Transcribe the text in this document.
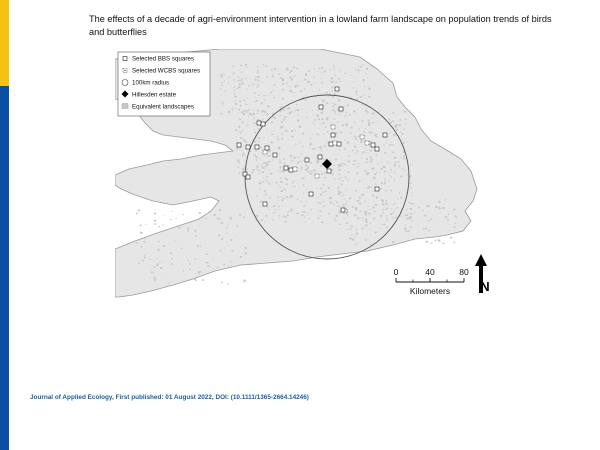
The effects of a decade of agri-environment intervention in a lowland farm landscape on population trends of birds and butterflies
Selected BBS squares
Selected WCBS squares
100km radius
Hillesden estate
Equivalent landscapes
0	40	80
Kilometers N
Journal of Applied Ecology, First published: 01 August 2022, DOI: (10.1111/1365-2664.14246)
